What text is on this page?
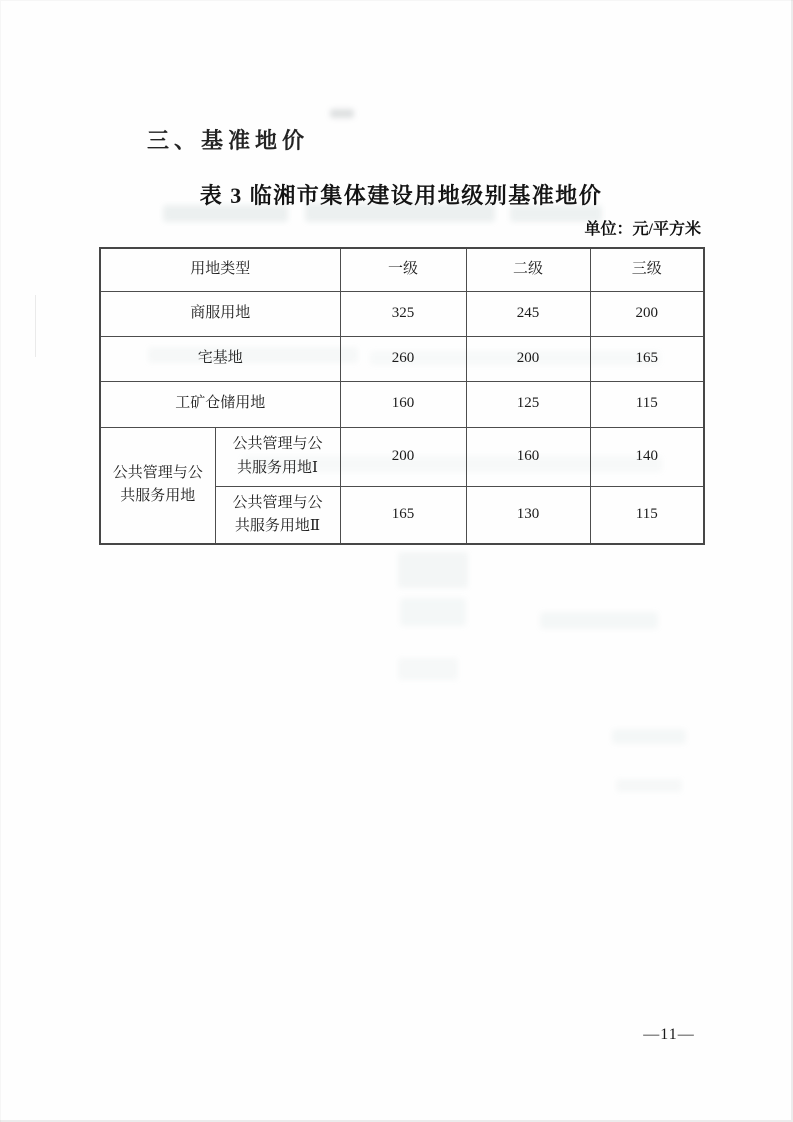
三、基准地价
表 3 临湘市集体建设用地级别基准地价
单位：元/平方米
用地类型		一级	二级	三级
商服用地		325	245	200
宅基地		260	200	165
工矿仓储用地		160	125	115
公共管理与公共服务用地	公共管理与公共服务用地Ⅰ	200	160	140
	公共管理与公共服务用地Ⅱ	165	130	115
—11—
